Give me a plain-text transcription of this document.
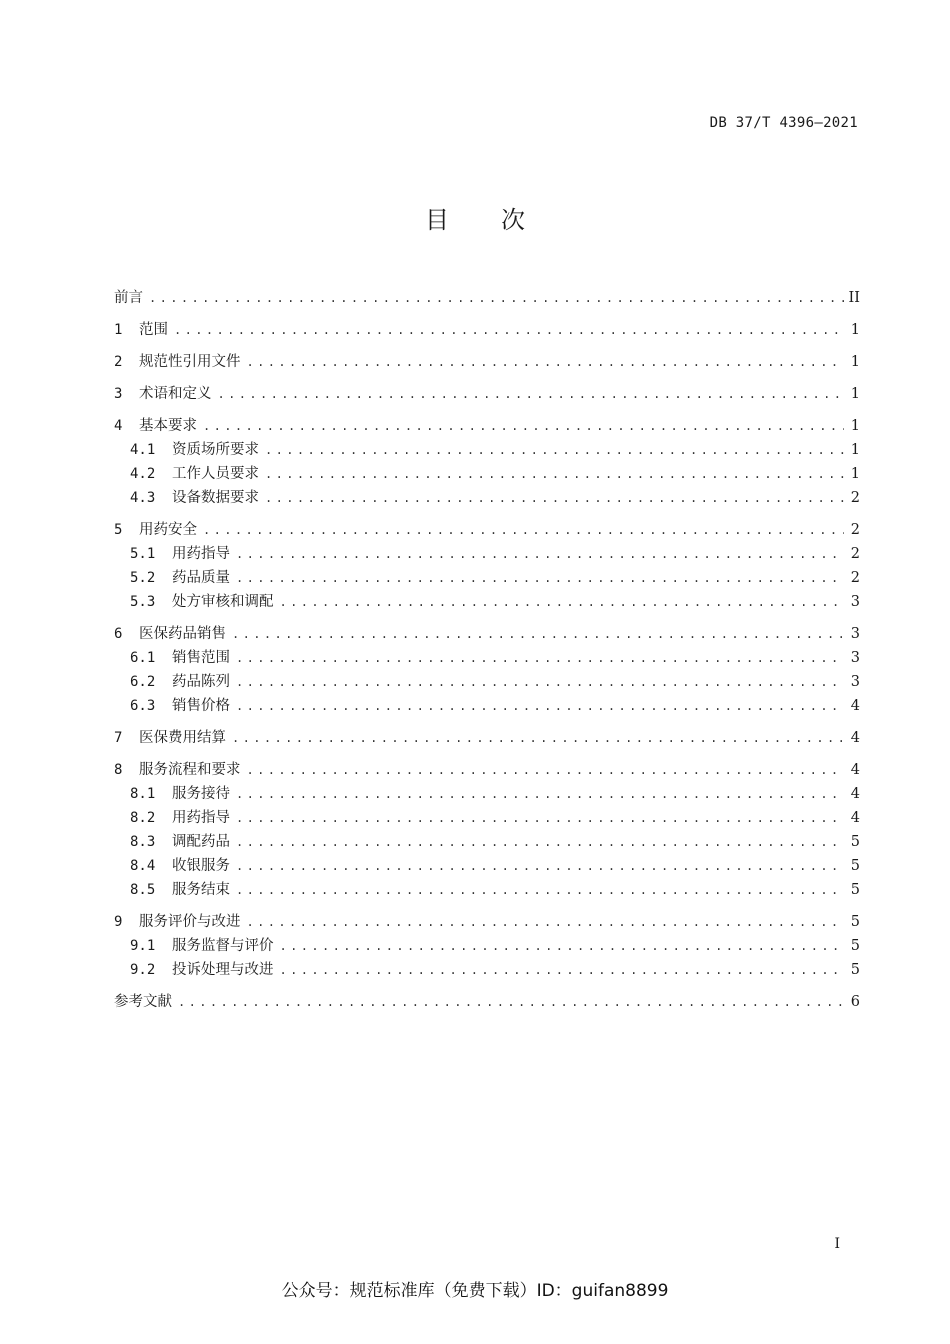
DB 37/T 4396—2021
目次
前言 .....	II
1	范围 .....	1
2	规范性引用文件 .....	1
3	术语和定义 .....	1
4	基本要求 .....	1
4.1	资质场所要求 .....	1
4.2	工作人员要求 .....	1
4.3	设备数据要求 .....	2
5	用药安全 .....	2
5.1	用药指导 .....	2
5.2	药品质量 .....	2
5.3	处方审核和调配 .....	3
6	医保药品销售 .....	3
6.1	销售范围 .....	3
6.2	药品陈列 .....	3
6.3	销售价格 .....	4
7	医保费用结算 .....	4
8	服务流程和要求 .....	4
8.1	服务接待 .....	4
8.2	用药指导 .....	4
8.3	调配药品 .....	5
8.4	收银服务 .....	5
8.5	服务结束 .....	5
9	服务评价与改进 .....	5
9.1	服务监督与评价 .....	5
9.2	投诉处理与改进 .....	5
参考文献 .....	6
I
公众号：规范标准库（免费下载）ID：guifan8899
